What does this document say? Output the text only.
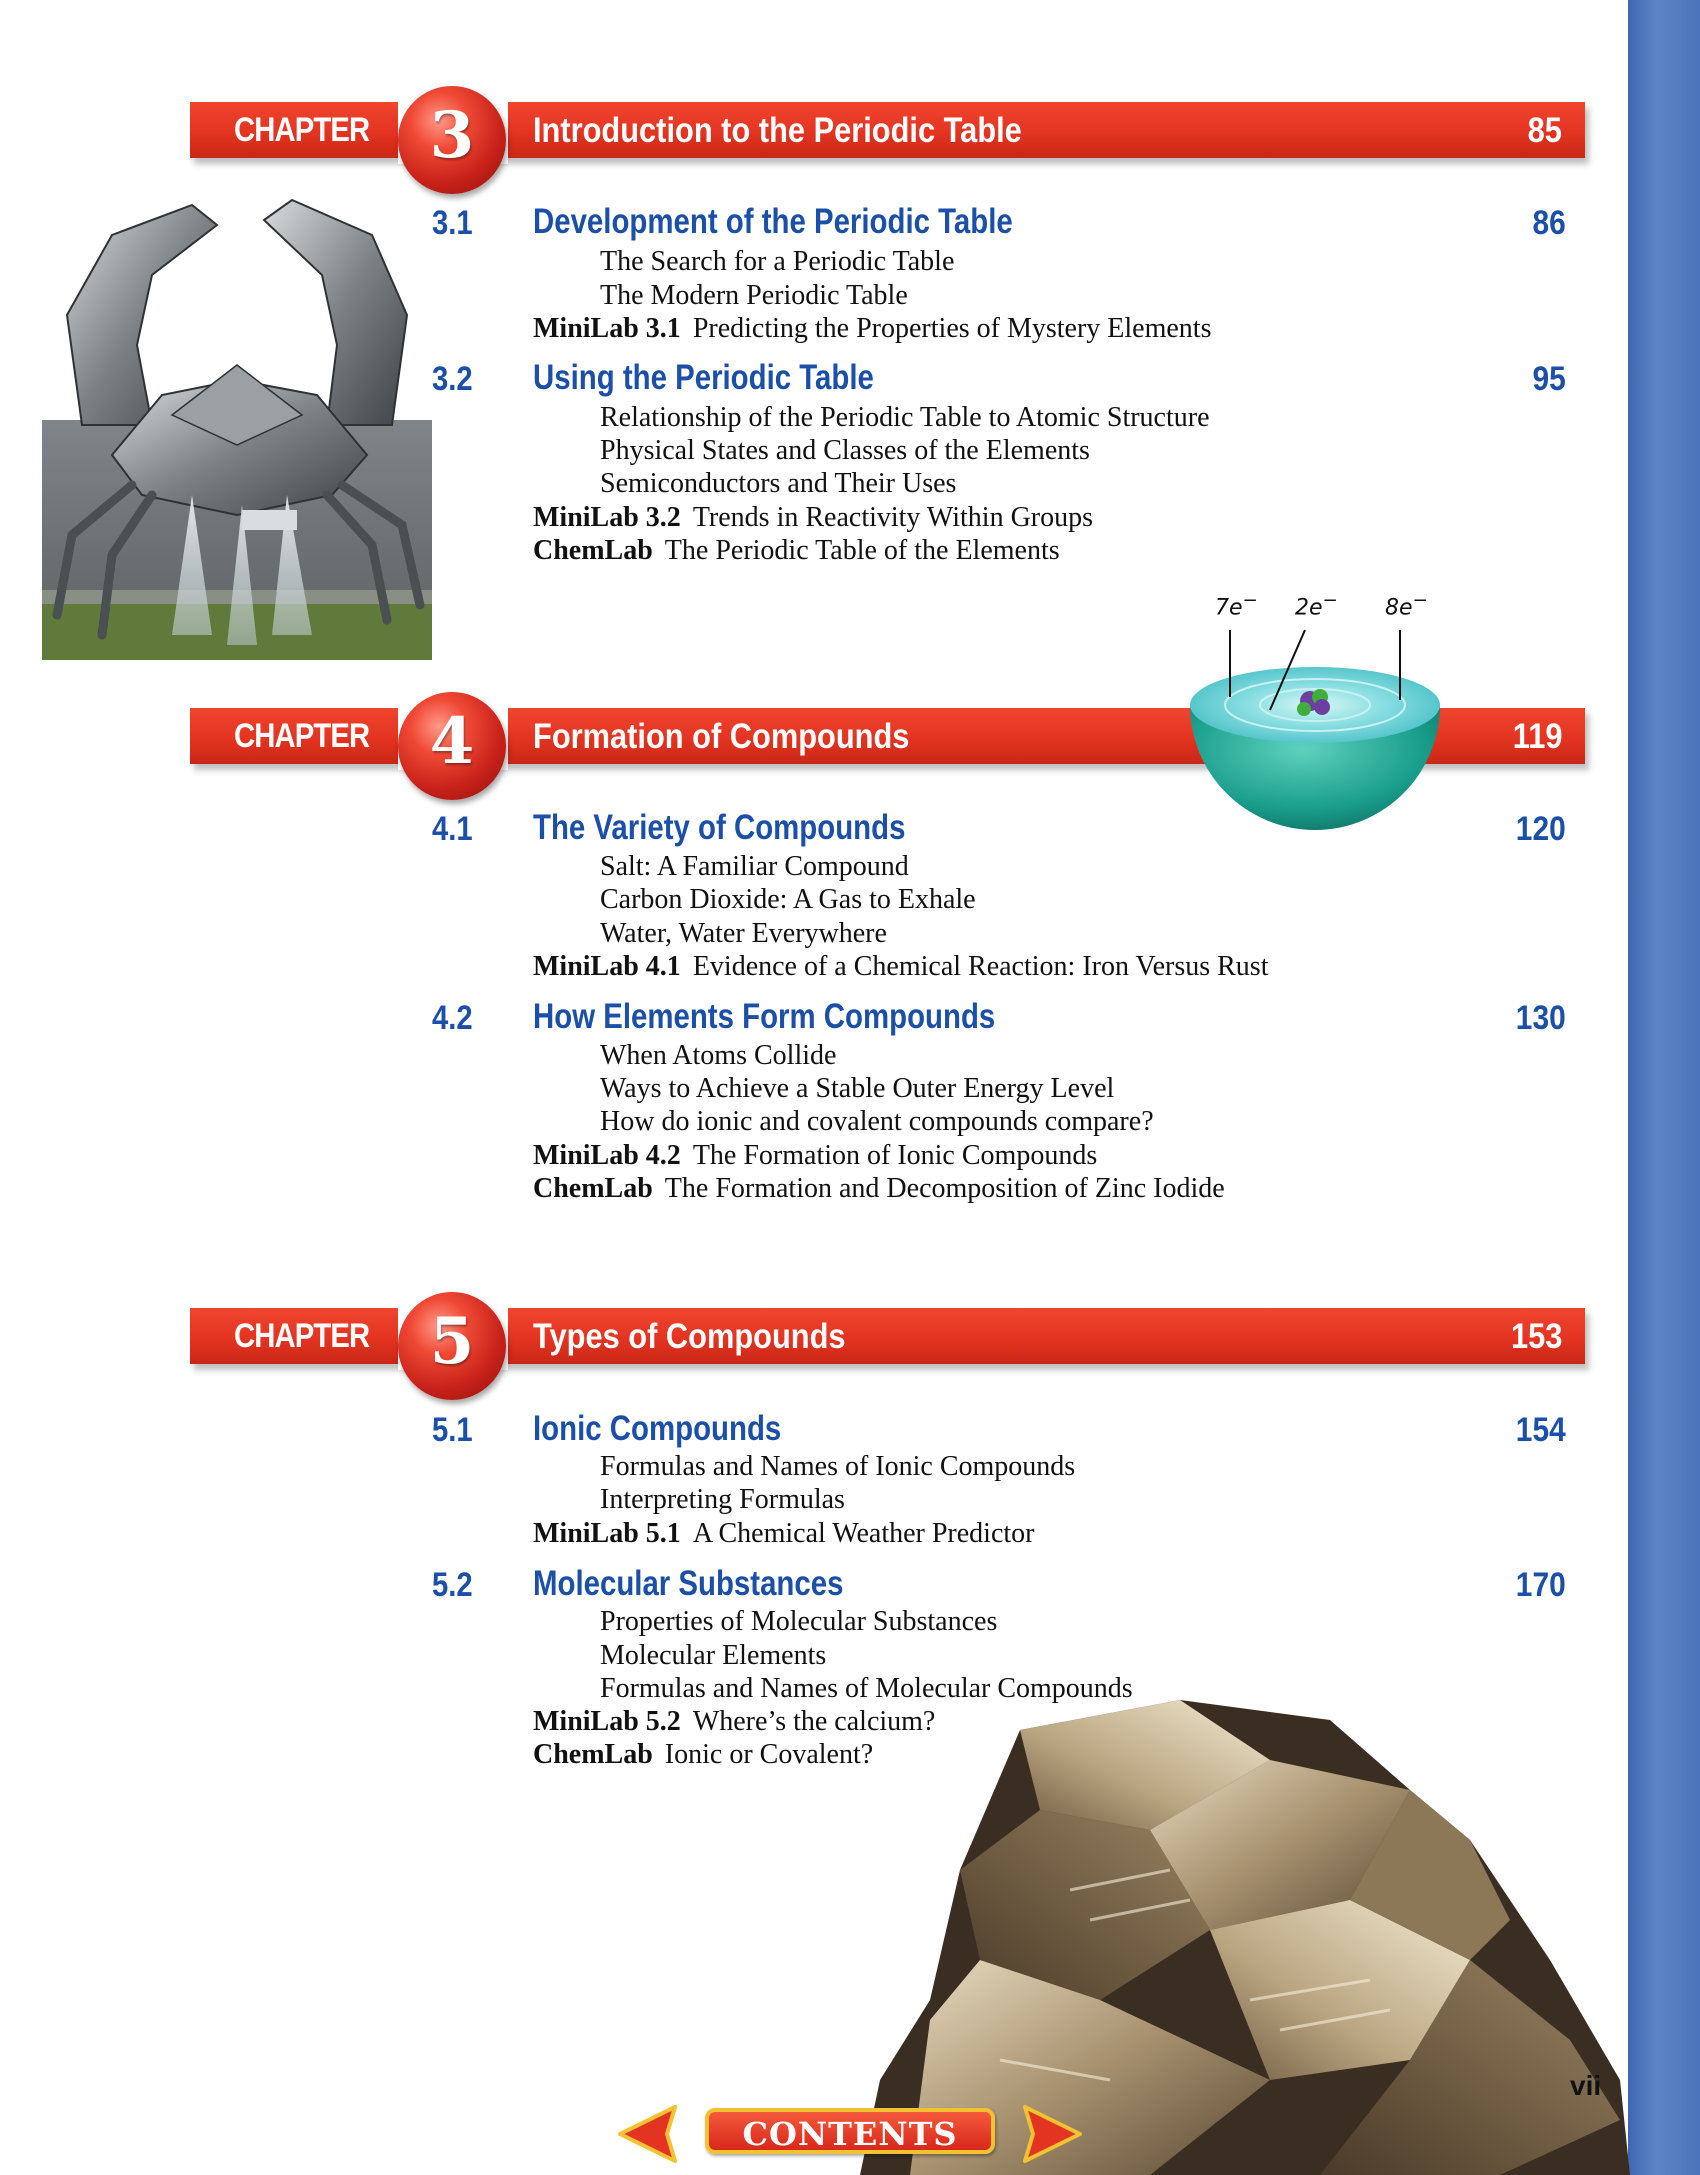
CHAPTER 3	Introduction to the Periodic Table	85
3.1 Development of the Periodic Table	86
The Search for a Periodic Table
The Modern Periodic Table
MiniLab 3.1 Predicting the Properties of Mystery Elements
3.2 Using the Periodic Table	95
Relationship of the Periodic Table to Atomic Structure
Physical States and Classes of the Elements
Semiconductors and Their Uses
MiniLab 3.2 Trends in Reactivity Within Groups
ChemLab The Periodic Table of the Elements
CHAPTER 4	Formation of Compounds	119
7e− 2e− 8e−
4.1 The Variety of Compounds	120
Salt: A Familiar Compound
Carbon Dioxide: A Gas to Exhale
Water, Water Everywhere
MiniLab 4.1 Evidence of a Chemical Reaction: Iron Versus Rust
4.2 How Elements Form Compounds	130
When Atoms Collide
Ways to Achieve a Stable Outer Energy Level
How do ionic and covalent compounds compare?
MiniLab 4.2 The Formation of Ionic Compounds
ChemLab The Formation and Decomposition of Zinc Iodide
CHAPTER 5	Types of Compounds	153
5.1 Ionic Compounds	154
Formulas and Names of Ionic Compounds
Interpreting Formulas
MiniLab 5.1 A Chemical Weather Predictor
5.2 Molecular Substances	170
Properties of Molecular Substances
Molecular Elements
Formulas and Names of Molecular Compounds
MiniLab 5.2 Where’s the calcium?
ChemLab Ionic or Covalent?
CONTENTS
vii
